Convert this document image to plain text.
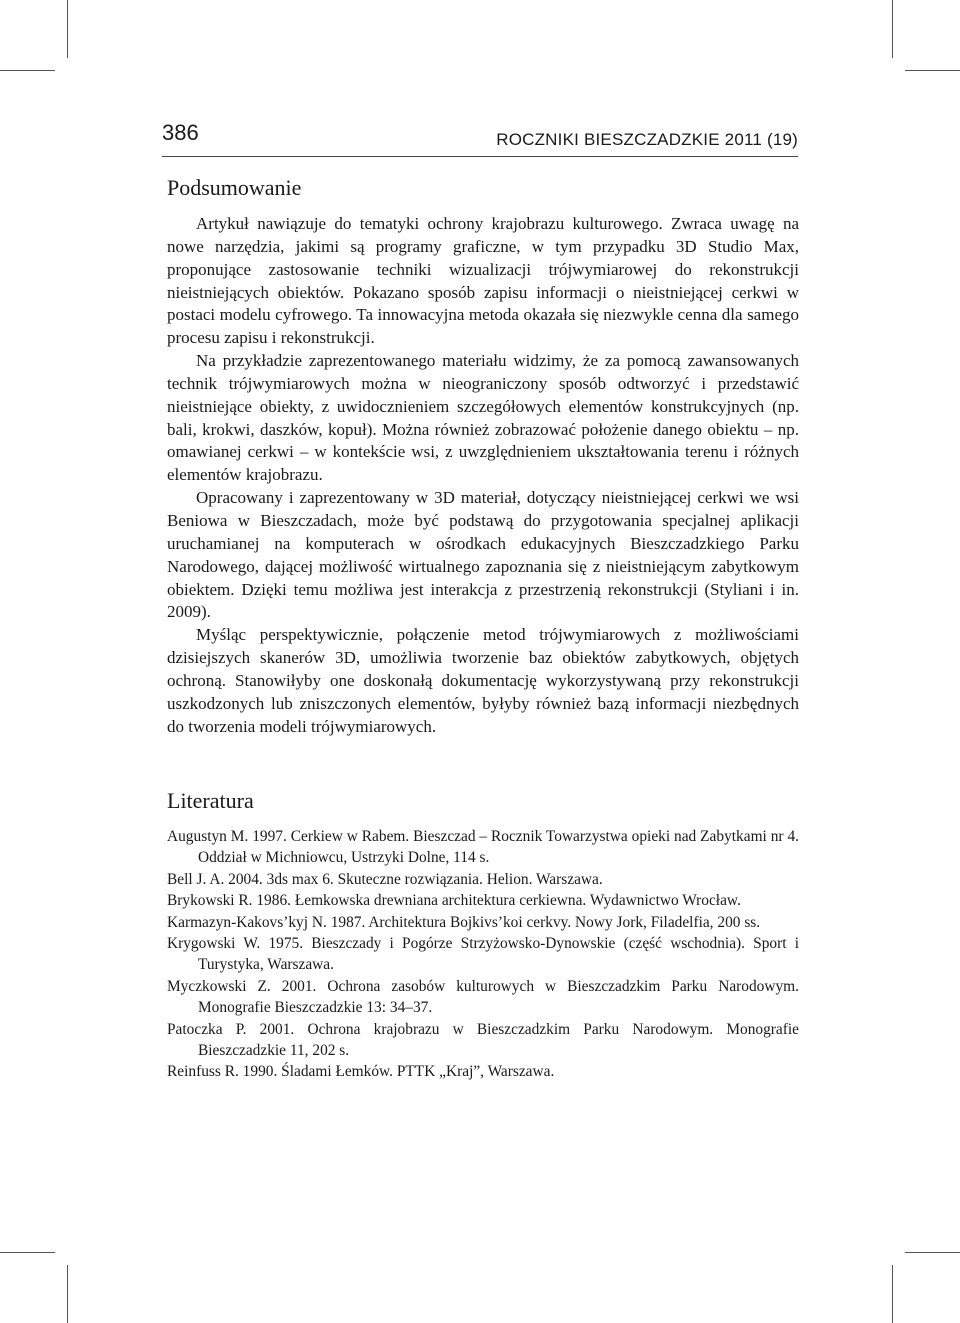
386	ROCZNIKI BIESZCZADZKIE 2011 (19)
Podsumowanie

Artykuł nawiązuje do tematyki ochrony krajobrazu kulturowego. Zwraca uwagę na nowe narzędzia, jakimi są programy graficzne, w tym przypadku 3D Studio Max, proponujące zastosowanie techniki wizualizacji trójwymiarowej do rekonstrukcji nieistniejących obiektów. Pokazano sposób zapisu informacji o nieistniejącej cerkwi w postaci modelu cyfrowego. Ta innowacyjna metoda okazała się niezwykle cenna dla samego procesu zapisu i rekonstrukcji.

Na przykładzie zaprezentowanego materiału widzimy, że za pomocą zawansowanych technik trójwymiarowych można w nieograniczony sposób odtworzyć i przedstawić nieistniejące obiekty, z uwidocznieniem szczegółowych elementów konstrukcyjnych (np. bali, krokwi, daszków, kopuł). Można również zobrazować położenie danego obiektu – np. omawianej cerkwi – w kontekście wsi, z uwzględnieniem ukształtowania terenu i różnych elementów krajobrazu.

Opracowany i zaprezentowany w 3D materiał, dotyczący nieistniejącej cerkwi we wsi Beniowa w Bieszczadach, może być podstawą do przygotowania specjalnej aplikacji uruchamianej na komputerach w ośrodkach edukacyjnych Bieszczadzkiego Parku Narodowego, dającej możliwość wirtualnego zapoznania się z nieistniejącym zabytkowym obiektem. Dzięki temu możliwa jest interakcja z przestrzenią rekonstrukcji (Styliani i in. 2009).

Myśląc perspektywicznie, połączenie metod trójwymiarowych z możliwościami dzisiejszych skanerów 3D, umożliwia tworzenie baz obiektów zabytkowych, objętych ochroną. Stanowiłyby one doskonałą dokumentację wykorzystywaną przy rekonstrukcji uszkodzonych lub zniszczonych elementów, byłyby również bazą informacji niezbędnych do tworzenia modeli trójwymiarowych.

Literatura
Augustyn M. 1997. Cerkiew w Rabem. Bieszczad – Rocznik Towarzystwa opieki nad Zabytkami nr 4. Oddział w Michniowcu, Ustrzyki Dolne, 114 s.
Bell J. A. 2004. 3ds max 6. Skuteczne rozwiązania. Helion. Warszawa.
Brykowski R. 1986. Łemkowska drewniana architektura cerkiewna. Wydawnictwo Wrocław.
Karmazyn-Kakovs’kyj N. 1987. Architektura Bojkivs’koi cerkvy. Nowy Jork, Filadelfia, 200 ss.
Krygowski W. 1975. Bieszczady i Pogórze Strzyżowsko-Dynowskie (część wschodnia). Sport i Turystyka, Warszawa.
Myczkowski Z. 2001. Ochrona zasobów kulturowych w Bieszczadzkim Parku Narodowym. Monografie Bieszczadzkie 13: 34–37.
Patoczka P. 2001. Ochrona krajobrazu w Bieszczadzkim Parku Narodowym. Monografie Bieszczadzkie 11, 202 s.
Reinfuss R. 1990. Śladami Łemków. PTTK „Kraj”, Warszawa.
